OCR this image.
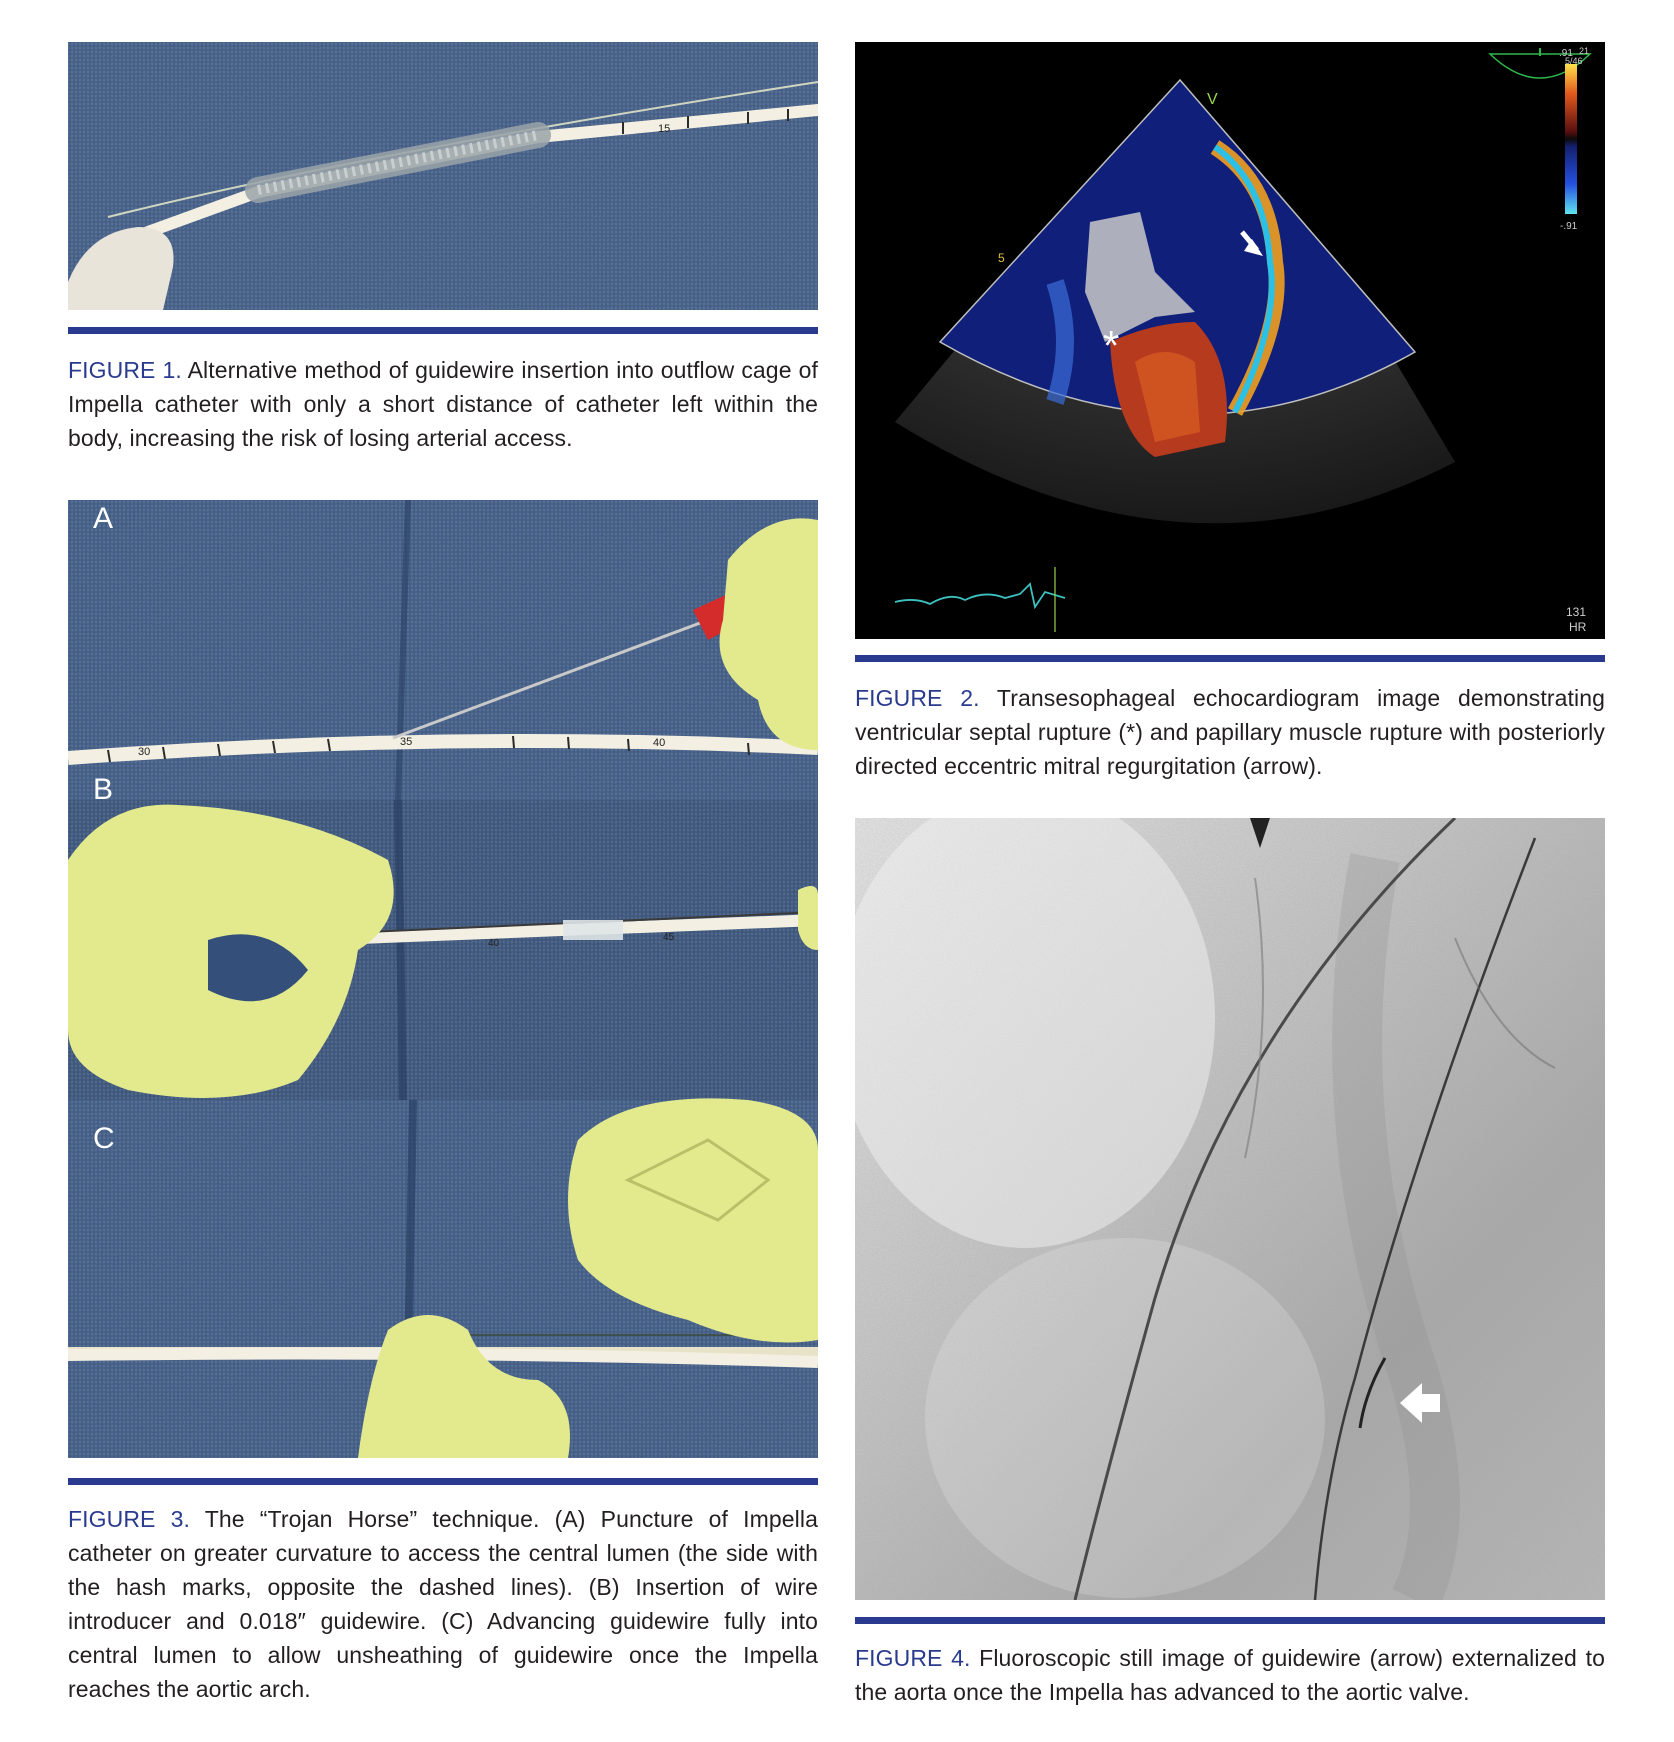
15
FIGURE 1. Alternative method of guidewire insertion into outflow cage of Impella catheter with only a short distance of catheter left within the body, increasing the risk of losing arterial access.
30
35	40
40
45
A
B
C
FIGURE 3. The “Trojan Horse” technique. (A) Puncture of Impella catheter on greater curvature to access the central lumen (the side with the hash marks, opposite the dashed lines). (B) Insertion of wire introducer and 0.018″ guidewire. (C) Advancing guidewire fully into central lumen to allow unsheathing of guidewire once the Impella reaches the aortic arch.
V
5
*
.91 21
5/46
-.91
131
HR
FIGURE 2. Transesophageal echocardiogram image demonstrating ventricular septal rupture (*) and papillary muscle rupture with posteriorly directed eccentric mitral regurgitation (arrow).
FIGURE 4. Fluoroscopic still image of guidewire (arrow) externalized to the aorta once the Impella has advanced to the aortic valve.
